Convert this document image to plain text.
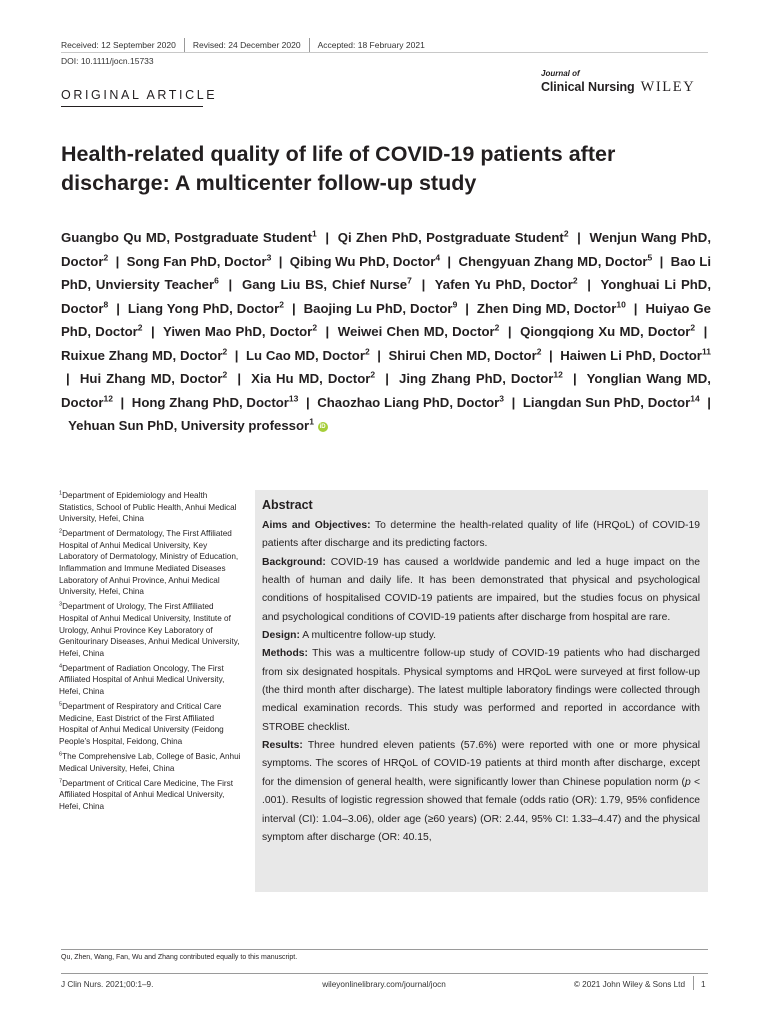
Received: 12 September 2020 Revised: 24 December 2020 Accepted: 18 February 2021
DOI: 10.1111/jocn.15733
ORIGINAL ARTICLE
Journal of
Clinical Nursing WILEY
Health-related quality of life of COVID-19 patients after discharge: A multicenter follow-up study

Guangbo Qu MD, Postgraduate Student$^1$  |  Qi Zhen PhD, Postgraduate Student$^2$  |  Wenjun Wang PhD, Doctor$^2$  |  Song Fan PhD, Doctor$^3$  |  Qibing Wu PhD, Doctor$^4$  |  Chengyuan Zhang MD, Doctor$^5$  |  Bao Li PhD, Unviersity Teacher$^6$  |  Gang Liu BS, Chief Nurse$^7$  |  Yafen Yu PhD, Doctor$^2$  |  Yonghuai Li PhD, Doctor$^8$  |  Liang Yong PhD, Doctor$^2$  |  Baojing Lu PhD, Doctor$^9$  |  Zhen Ding MD, Doctor$^{10}$  |  Huiyao Ge PhD, Doctor$^2$  |  Yiwen Mao PhD, Doctor$^2$  |  Weiwei Chen MD, Doctor$^2$  |  Qiongqiong Xu MD, Doctor$^2$  |  Ruixue Zhang MD, Doctor$^2$  |  Lu Cao MD, Doctor$^2$  |  Shirui Chen MD, Doctor$^2$  |  Haiwen Li PhD, Doctor$^{11}$  |  Hui Zhang MD, Doctor$^2$  |  Xia Hu MD, Doctor$^2$  |  Jing Zhang PhD, Doctor$^{12}$  |  Yonglian Wang MD, Doctor$^{12}$  |  Hong Zhang PhD, Doctor$^{13}$  |  Chaozhao Liang PhD, Doctor$^3$  |  Liangdan Sun PhD, Doctor$^{14}$  |  Yehuan Sun PhD, University professor$^1$ iD

$^1$Department of Epidemiology and Health Statistics, School of Public Health, Anhui Medical University, Hefei, China
$^2$Department of Dermatology, The First Affiliated Hospital of Anhui Medical University, Key Laboratory of Dermatology, Ministry of Education, Inflammation and Immune Mediated Diseases Laboratory of Anhui Province, Anhui Medical University, Hefei, China
$^3$Department of Urology, The First Affiliated Hospital of Anhui Medical University, Institute of Urology, Anhui Province Key Laboratory of Genitourinary Diseases, Anhui Medical University, Hefei, China
$^4$Department of Radiation Oncology, The First Affiliated Hospital of Anhui Medical University, Hefei, China
$^5$Department of Respiratory and Critical Care Medicine, East District of the First Affiliated Hospital of Anhui Medical University (Feidong People’s Hospital, Feidong, China
$^6$The Comprehensive Lab, College of Basic, Anhui Medical University, Hefei, China
$^7$Department of Critical Care Medicine, The First Affiliated Hospital of Anhui Medical University, Hefei, China
Abstract

Aims and Objectives: To determine the health-related quality of life (HRQoL) of COVID-19 patients after discharge and its predicting factors.

Background: COVID-19 has caused a worldwide pandemic and led a huge impact on the health of human and daily life. It has been demonstrated that physical and psychological conditions of hospitalised COVID-19 patients are impaired, but the studies focus on physical and psychological conditions of COVID-19 patients after discharge from hospital are rare.

Design: A multicentre follow-up study.

Methods: This was a multicentre follow-up study of COVID-19 patients who had discharged from six designated hospitals. Physical symptoms and HRQoL were surveyed at first follow-up (the third month after discharge). The latest multiple laboratory findings were collected through medical examination records. This study was performed and reported in accordance with STROBE checklist.

Results: Three hundred eleven patients (57.6%) were reported with one or more physical symptoms. The scores of HRQoL of COVID-19 patients at third month after discharge, except for the dimension of general health, were significantly lower than Chinese population norm (p < .001). Results of logistic regression showed that female (odds ratio (OR): 1.79, 95% confidence interval (CI): 1.04–3.06), older age (≥60 years) (OR: 2.44, 95% CI: 1.33–4.47) and the physical symptom after discharge (OR: 40.15,

Qu, Zhen, Wang, Fan, Wu and Zhang contributed equally to this manuscript.
J Clin Nurs. 2021;00:1–9.	wileyonlinelibrary.com/journal/jocn	© 2021 John Wiley & Sons Ltd 1
